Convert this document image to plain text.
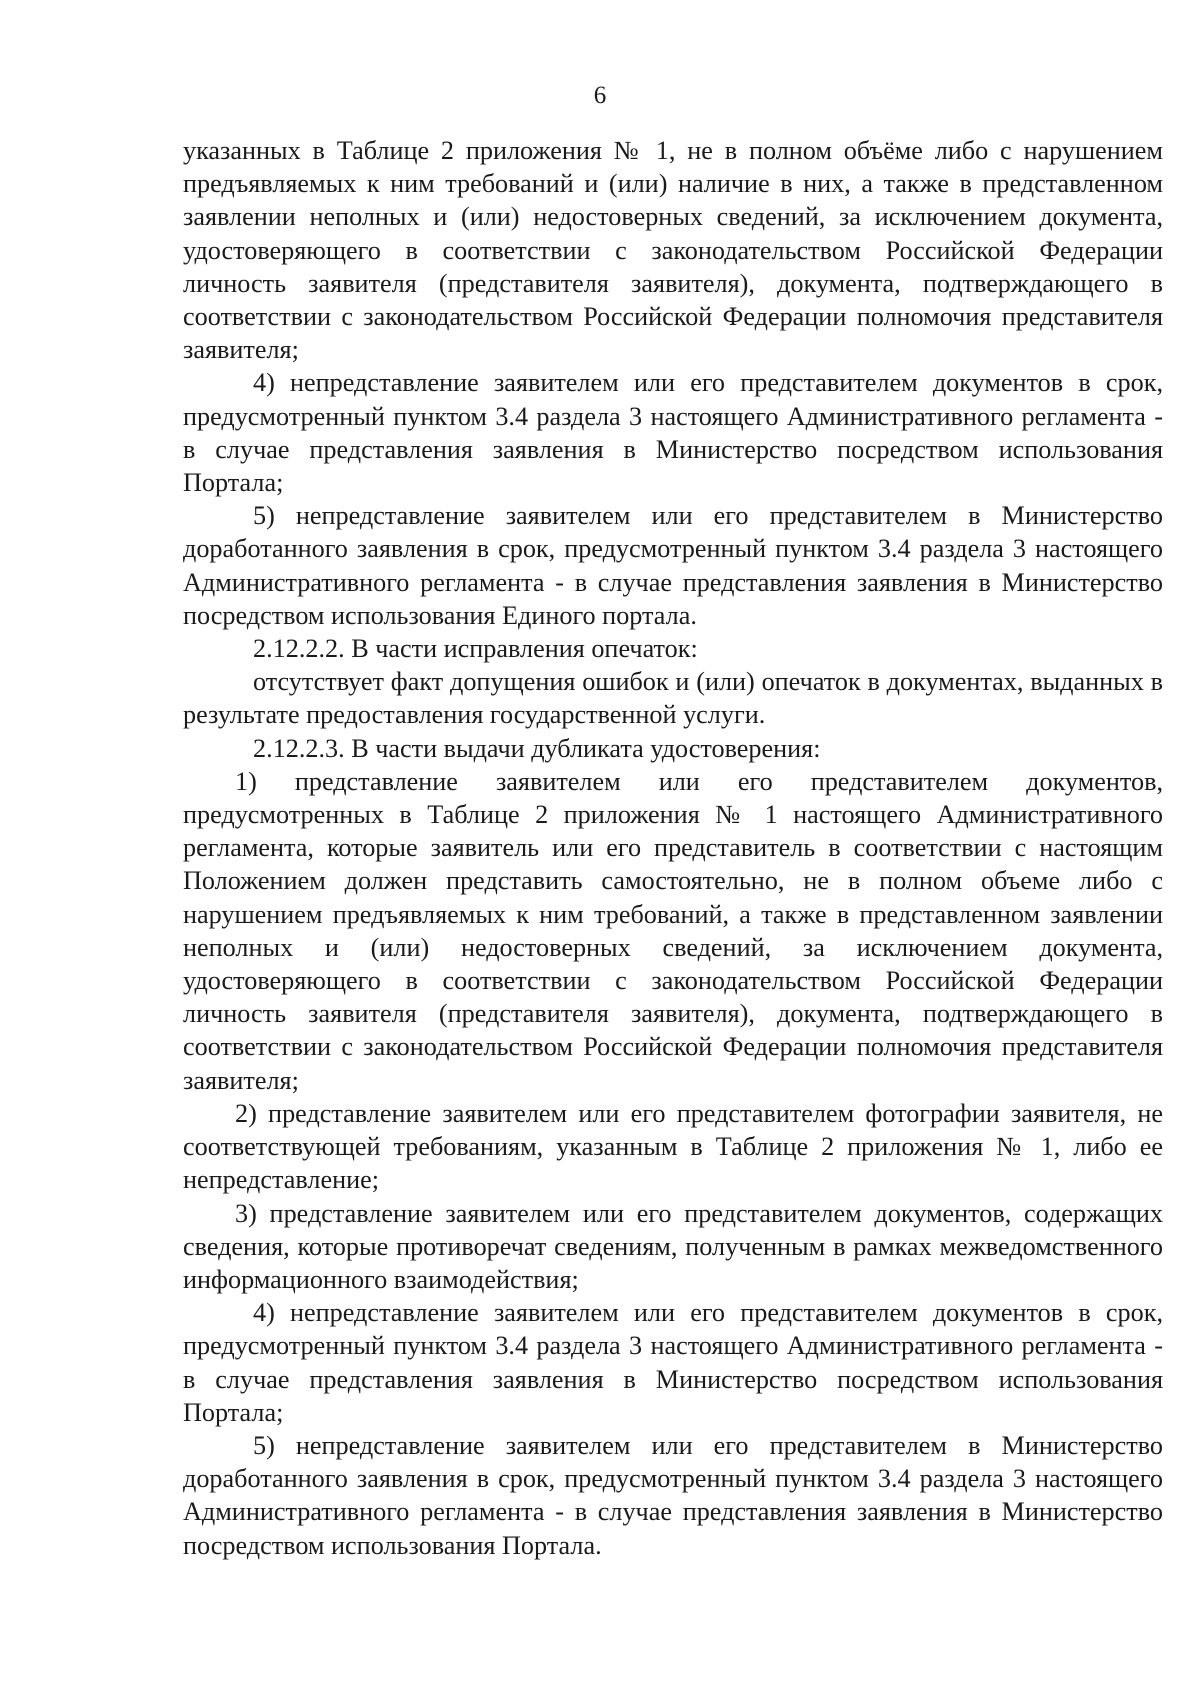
6

указанных в Таблице 2 приложения № 1, не в полном объёме либо с нарушением предъявляемых к ним требований и (или) наличие в них, а также в представленном заявлении неполных и (или) недостоверных сведений, за исключением документа, удостоверяющего в соответствии с законодательством Российской Федерации личность заявителя (представителя заявителя), документа, подтверждающего в соответствии с законодательством Российской Федерации полномочия представителя заявителя;

4) непредставление заявителем или его представителем документов в срок, предусмотренный пунктом 3.4 раздела 3 настоящего Административного регламента - в случае представления заявления в Министерство посредством использования Портала;

5) непредставление заявителем или его представителем в Министерство доработанного заявления в срок, предусмотренный пунктом 3.4 раздела 3 настоящего Административного регламента - в случае представления заявления в Министерство посредством использования Единого портала.

2.12.2.2. В части исправления опечаток:

отсутствует факт допущения ошибок и (или) опечаток в документах, выданных в результате предоставления государственной услуги.

2.12.2.3. В части выдачи дубликата удостоверения:

1) представление заявителем или его представителем документов, предусмотренных в Таблице 2 приложения № 1 настоящего Административного регламента, которые заявитель или его представитель в соответствии с настоящим Положением должен представить самостоятельно, не в полном объеме либо с нарушением предъявляемых к ним требований, а также в представленном заявлении неполных и (или) недостоверных сведений, за исключением документа, удостоверяющего в соответствии с законодательством Российской Федерации личность заявителя (представителя заявителя), документа, подтверждающего в соответствии с законодательством Российской Федерации полномочия представителя заявителя;

2) представление заявителем или его представителем фотографии заявителя, не соответствующей требованиям, указанным в Таблице 2 приложения № 1, либо ее непредставление;

3) представление заявителем или его представителем документов, содержащих сведения, которые противоречат сведениям, полученным в рамках межведомственного информационного взаимодействия;

4) непредставление заявителем или его представителем документов в срок, предусмотренный пунктом 3.4 раздела 3 настоящего Административного регламента - в случае представления заявления в Министерство посредством использования Портала;

5) непредставление заявителем или его представителем в Министерство доработанного заявления в срок, предусмотренный пунктом 3.4 раздела 3 настоящего Административного регламента - в случае представления заявления в Министерство посредством использования Портала.
